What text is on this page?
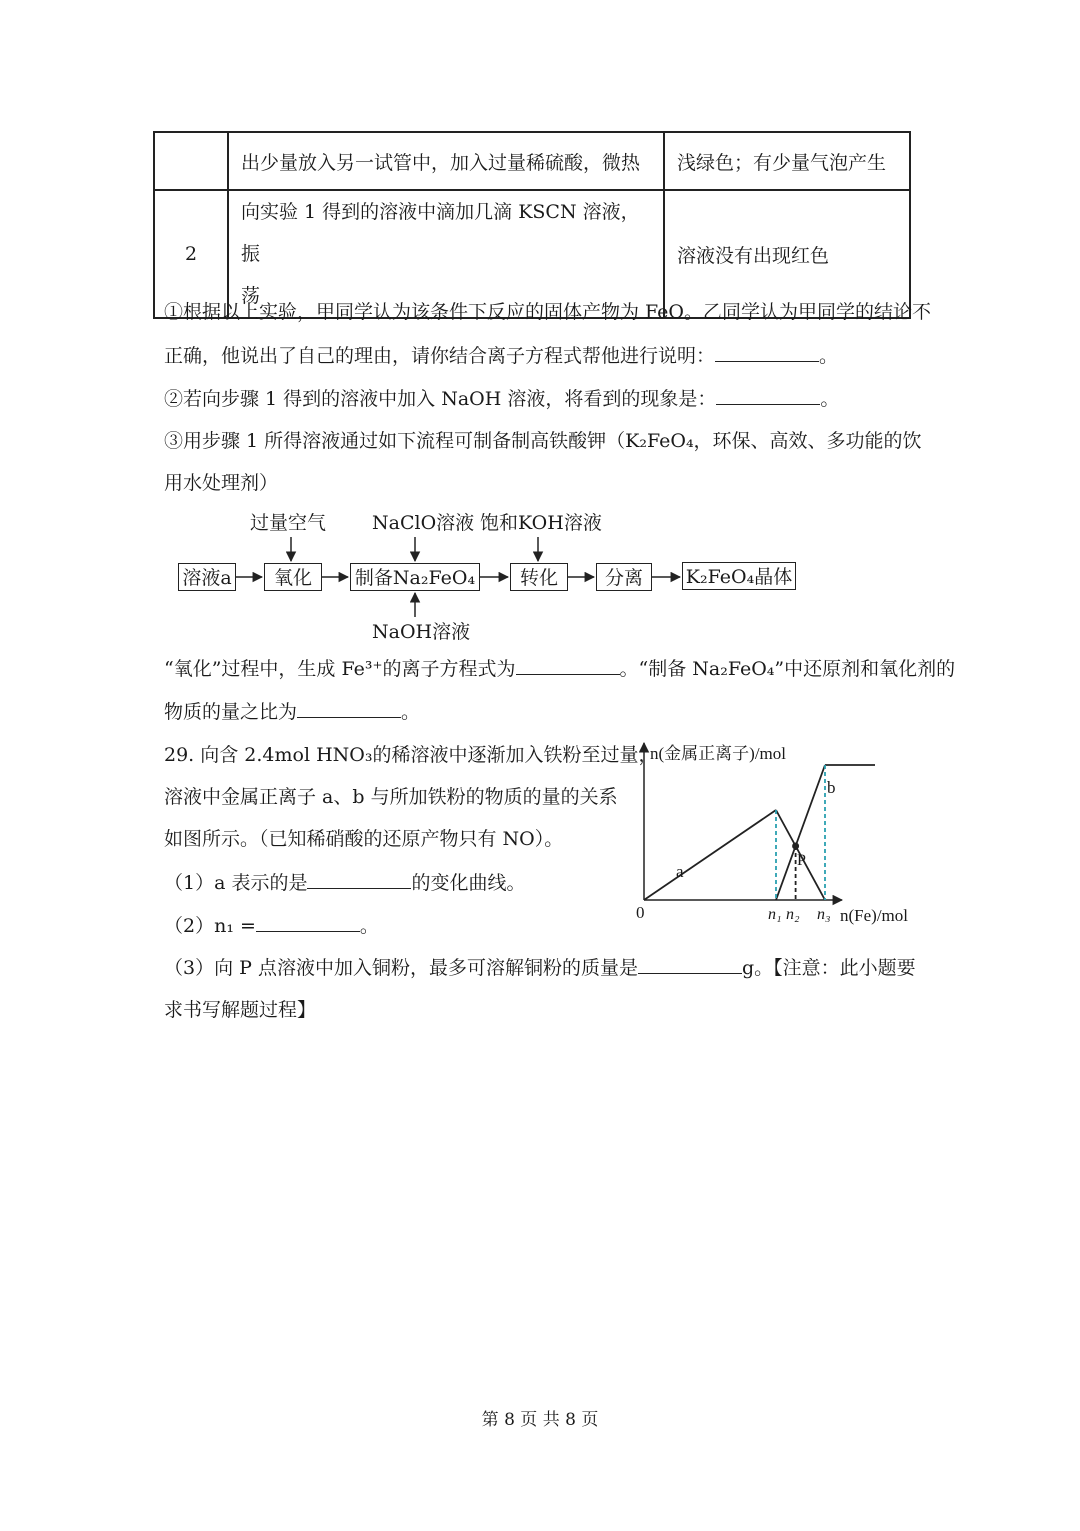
	出少量放入另一试管中，加入过量稀硫酸，微热	浅绿色；有少量气泡产生
2	向实验 1 得到的溶液中滴加几滴 KSCN 溶液，振
荡	溶液没有出现红色
①根据以上实验，甲同学认为该条件下反应的固体产物为 FeO。乙同学认为甲同学的结论不
正确，他说出了自己的理由，请你结合离子方程式帮他进行说明：	。
②若向步骤 1 得到的溶液中加入 NaOH 溶液，将看到的现象是：	。
③用步骤 1 所得溶液通过如下流程可制备制高铁酸钾（K₂FeO₄，环保、高效、多功能的饮
用水处理剂）
溶液a	氧化	制备Na₂FeO₄	转化	分离	K₂FeO₄晶体
过量空气 NaClO溶液 饱和KOH溶液
NaOH溶液
“氧化”过程中，生成 Fe³⁺的离子方程式为	。“制备 Na₂FeO₄”中还原剂和氧化剂的
物质的量之比为	。
29. 向含 2.4mol HNO₃的稀溶液中逐渐加入铁粉至过量，
溶液中金属正离子 a、b 与所加铁粉的物质的量的关系
如图所示。（已知稀硝酸的还原产物只有 NO）。
（1）a 表示的是	的变化曲线。
（2）n₁ =	。
（3）向 P 点溶液中加入铜粉，最多可溶解铜粉的质量是	g。【注意：此小题要
求书写解题过程】
n(金属正离子)/mol
n(Fe)/mol
0	n₁ n₂ n₃
a
b
P
第 8 页 共 8 页
